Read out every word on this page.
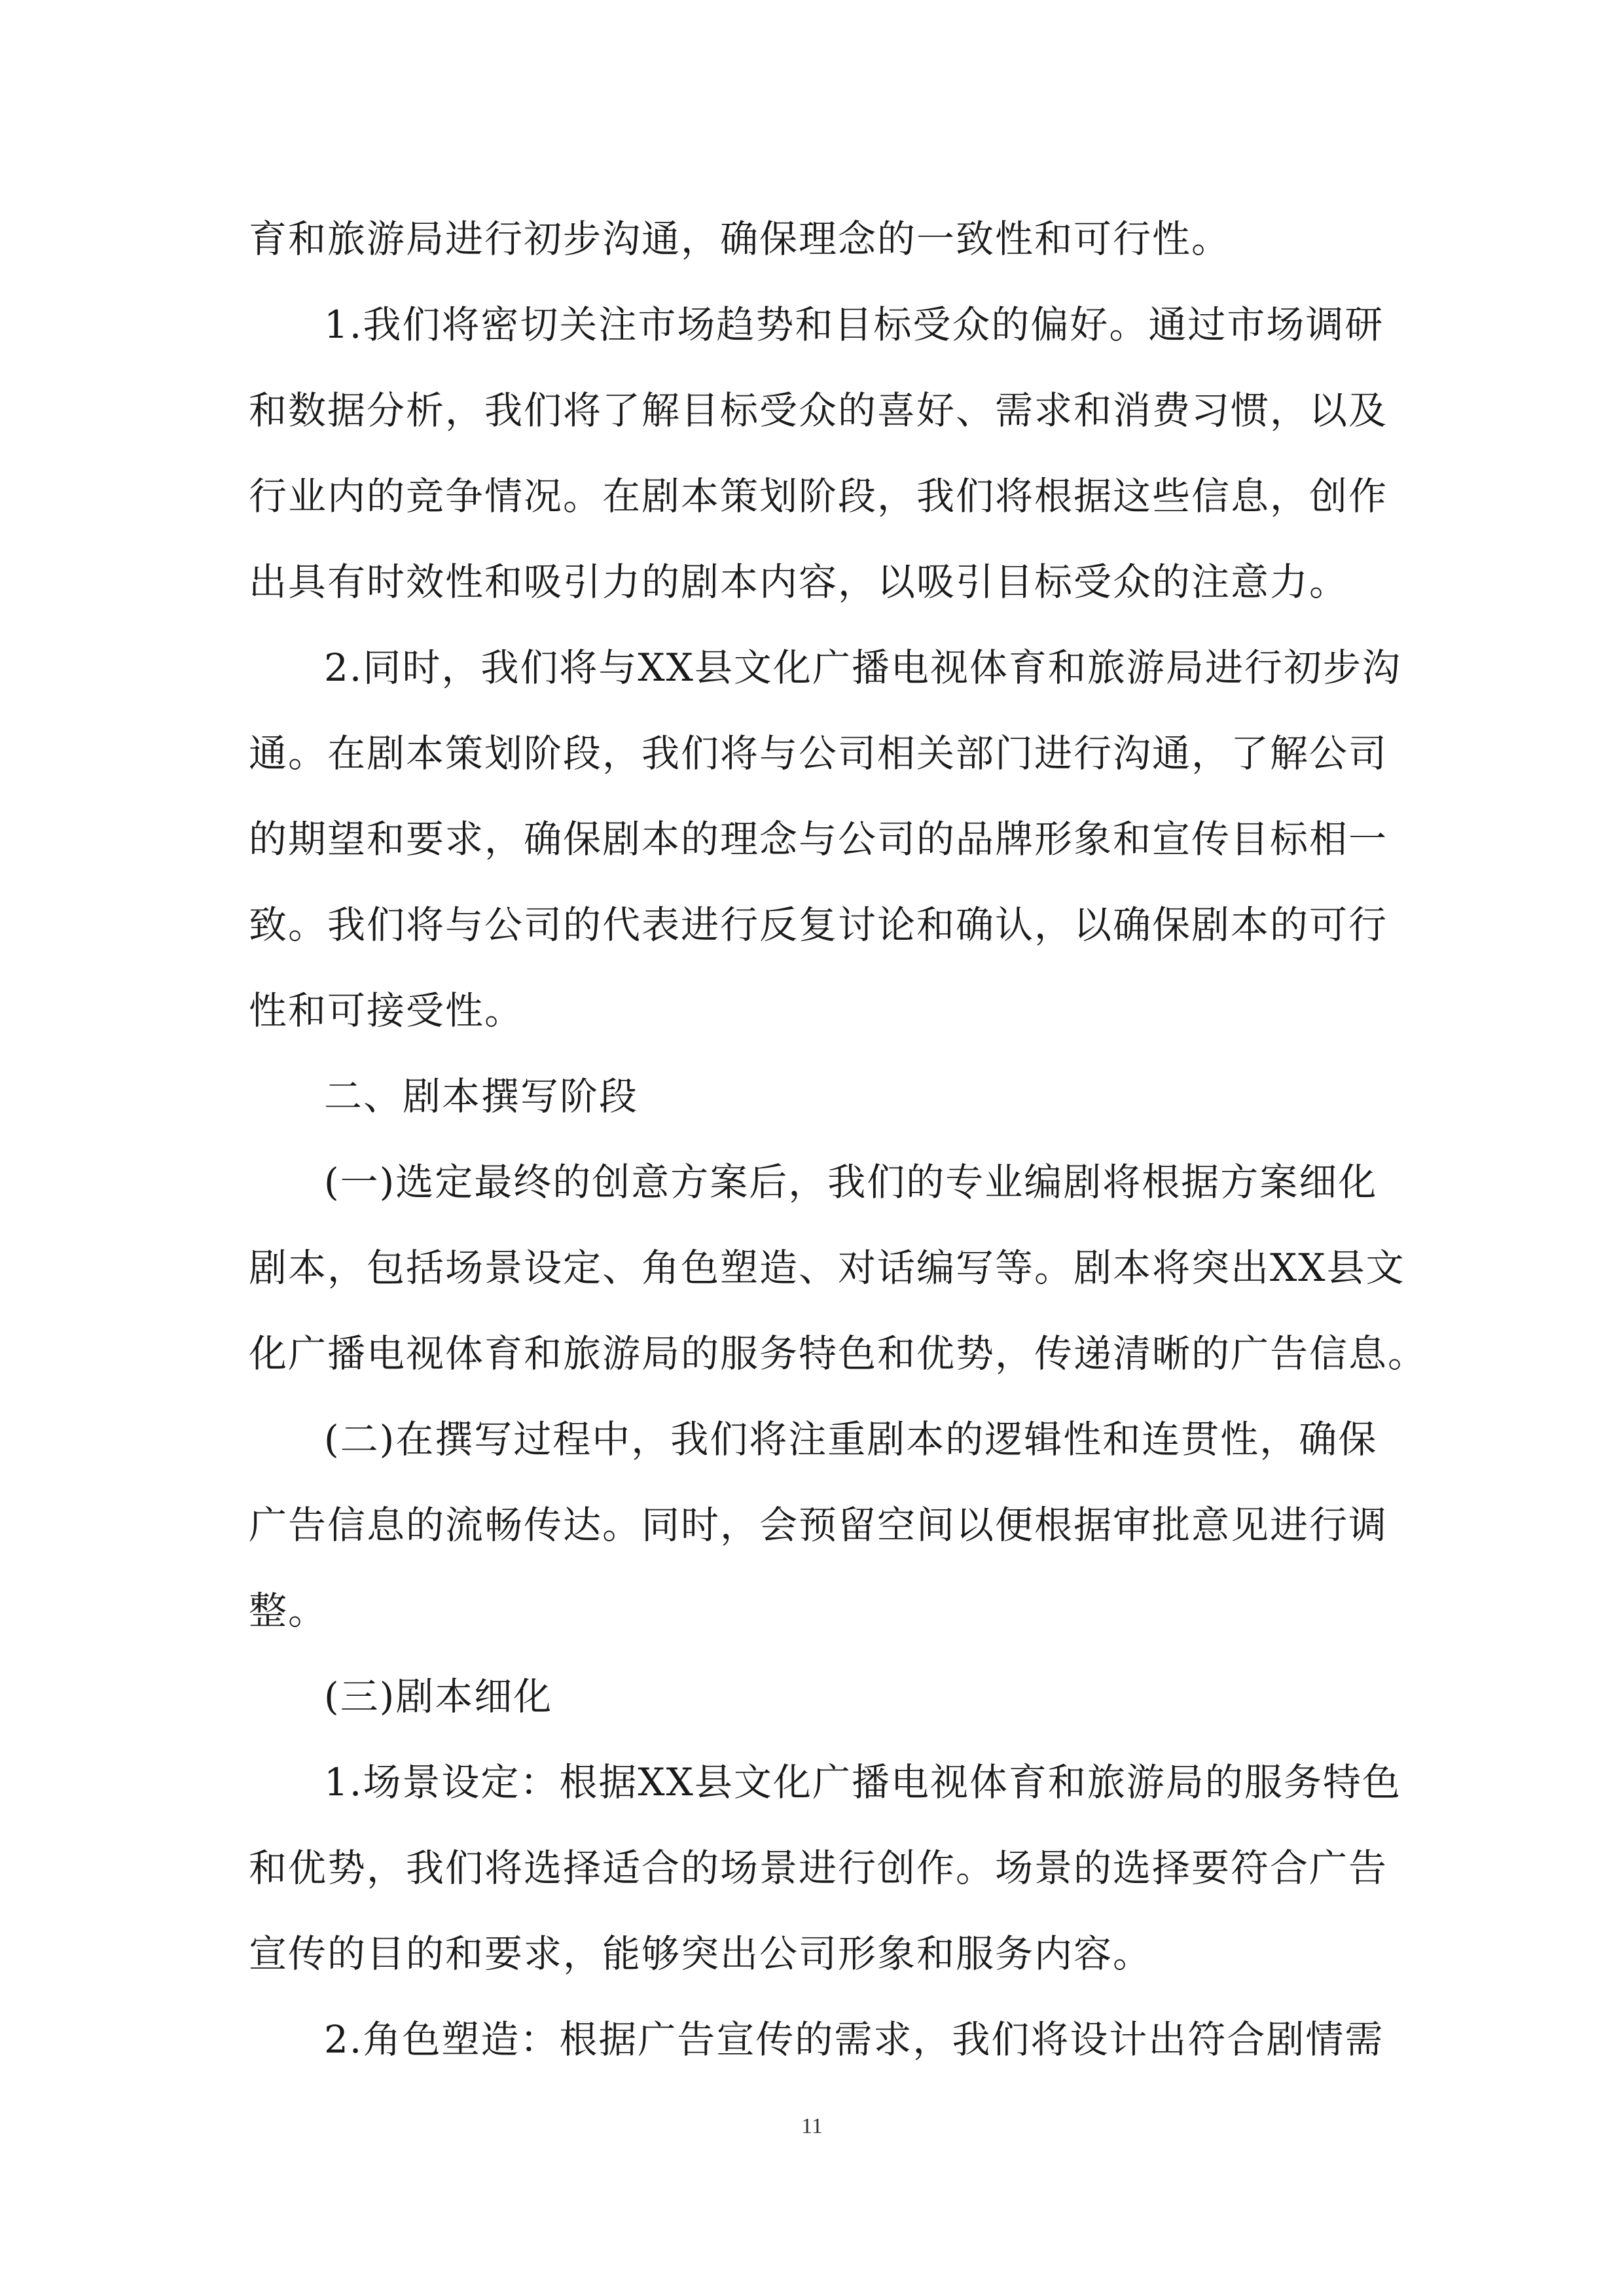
育和旅游局进行初步沟通，确保理念的一致性和可行性。
1.我们将密切关注市场趋势和目标受众的偏好。通过市场调研
和数据分析，我们将了解目标受众的喜好、需求和消费习惯，以及
行业内的竞争情况。在剧本策划阶段，我们将根据这些信息，创作
出具有时效性和吸引力的剧本内容，以吸引目标受众的注意力。
2.同时，我们将与XX县文化广播电视体育和旅游局进行初步沟
通。在剧本策划阶段，我们将与公司相关部门进行沟通，了解公司
的期望和要求，确保剧本的理念与公司的品牌形象和宣传目标相一
致。我们将与公司的代表进行反复讨论和确认，以确保剧本的可行
性和可接受性。
二、剧本撰写阶段
(一)选定最终的创意方案后，我们的专业编剧将根据方案细化
剧本，包括场景设定、角色塑造、对话编写等。剧本将突出XX县文
化广播电视体育和旅游局的服务特色和优势，传递清晰的广告信息。
(二)在撰写过程中，我们将注重剧本的逻辑性和连贯性，确保
广告信息的流畅传达。同时，会预留空间以便根据审批意见进行调
整。
(三)剧本细化
1.场景设定：根据XX县文化广播电视体育和旅游局的服务特色
和优势，我们将选择适合的场景进行创作。场景的选择要符合广告
宣传的目的和要求，能够突出公司形象和服务内容。
2.角色塑造：根据广告宣传的需求，我们将设计出符合剧情需
11
